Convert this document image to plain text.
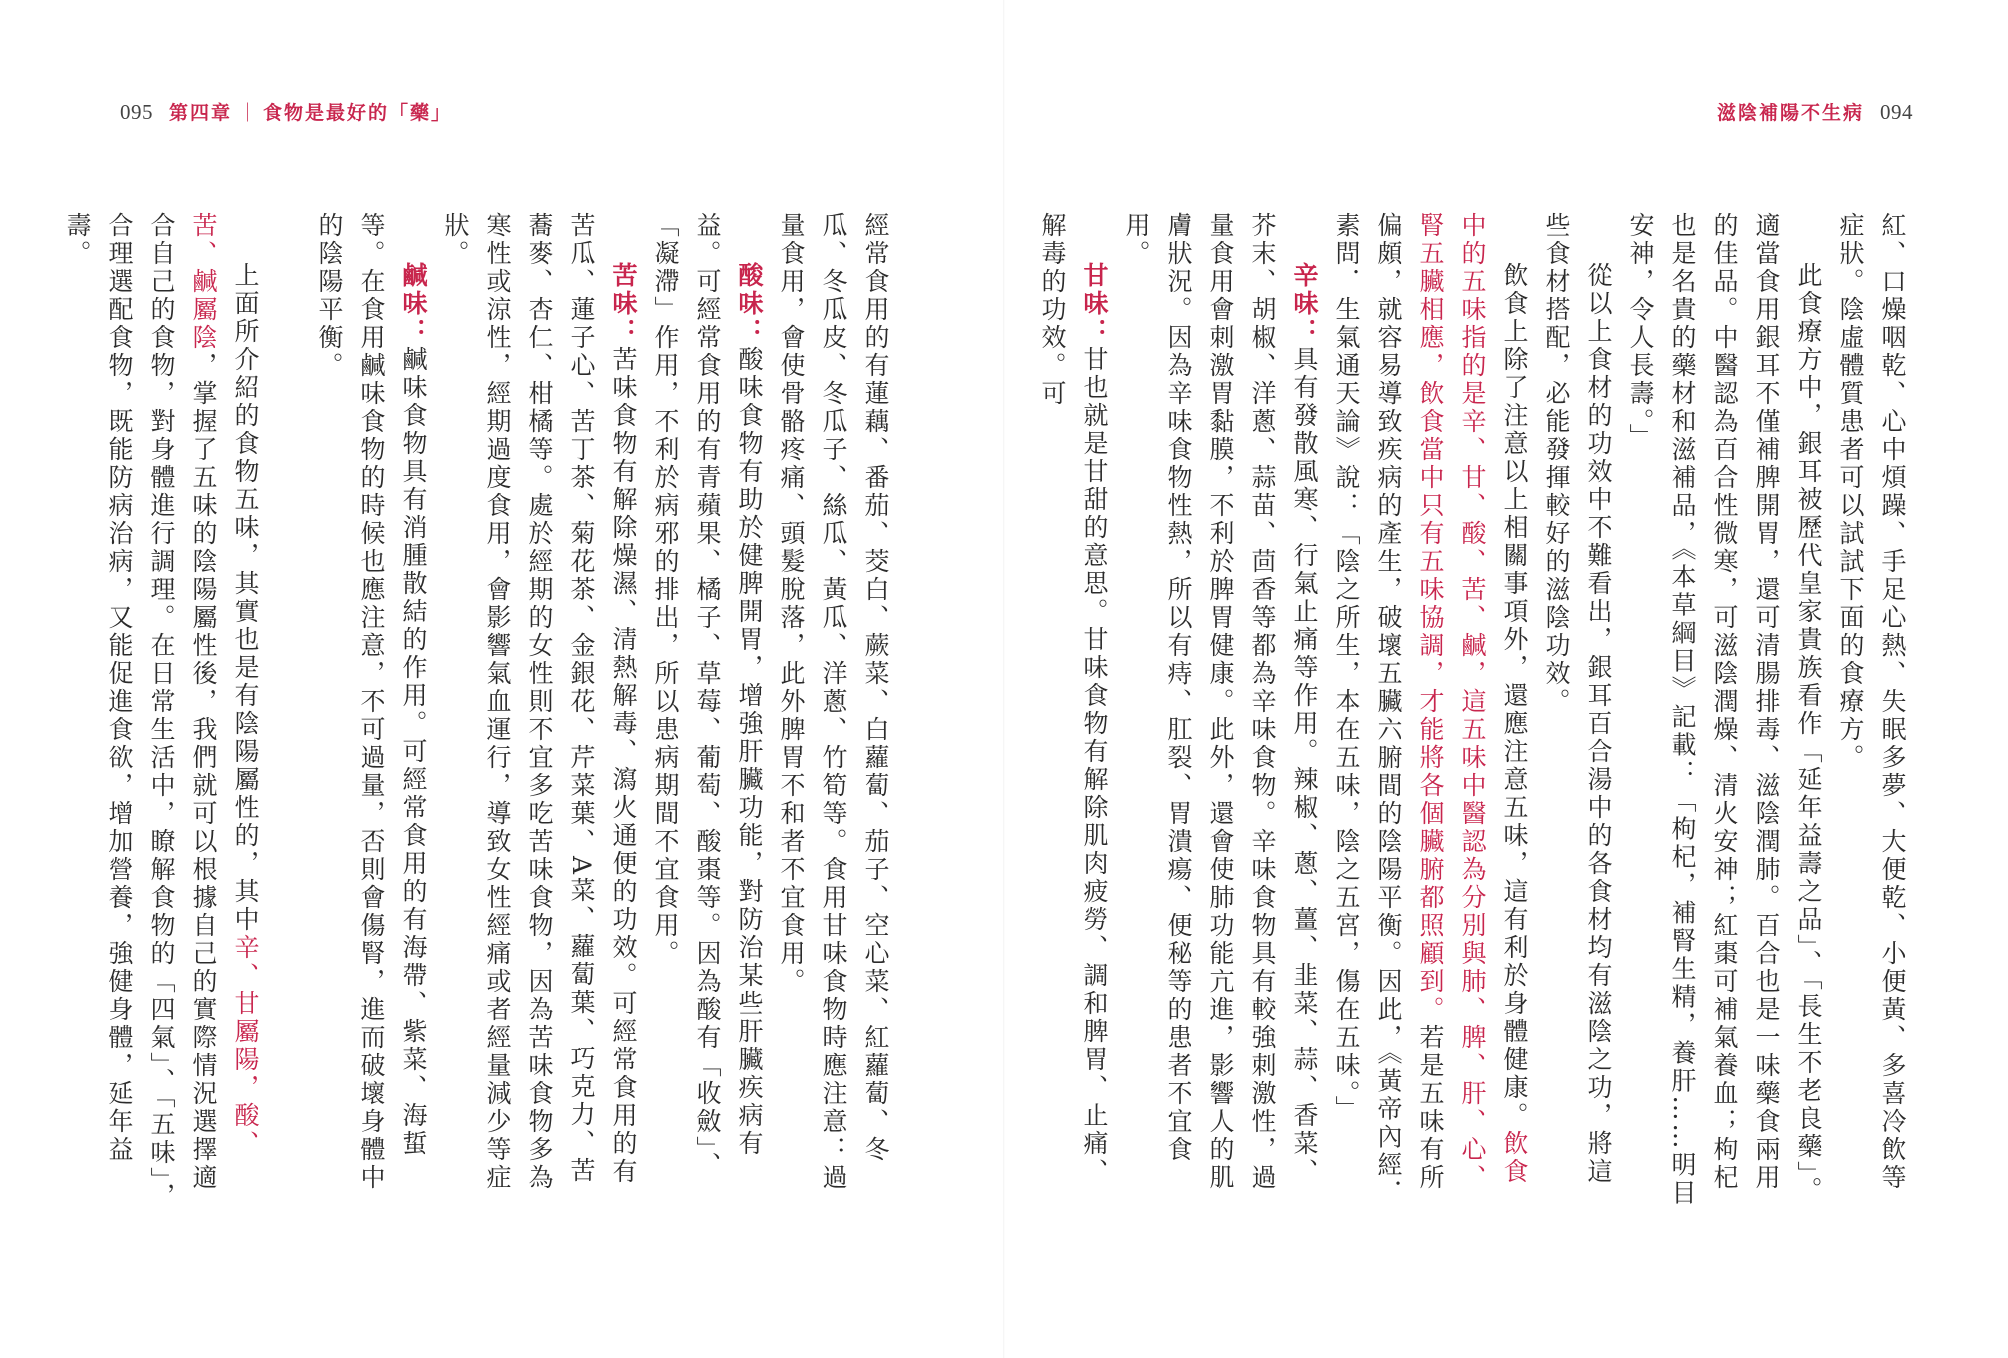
095 第四章 ｜ 食物是最好的「藥」	滋陰補陽不生病 094

紅、口燥咽乾、心中煩躁、手足心熱、失眠多夢、大便乾、小便黃、多喜冷飲等症狀。陰虛體質患者可以試試下面的食療方。

此食療方中，銀耳被歷代皇家貴族看作「延年益壽之品」、「長生不老良藥」。適當食用銀耳不僅補脾開胃，還可清腸排毒、滋陰潤肺。百合也是一味藥食兩用的佳品。中醫認為百合性微寒，可滋陰潤燥、清火安神；紅棗可補氣養血；枸杞也是名貴的藥材和滋補品，《本草綱目》記載：「枸杞，補腎生精，養肝……明目安神，令人長壽。」

從以上食材的功效中不難看出，銀耳百合湯中的各食材均有滋陰之功，將這些食材搭配，必能發揮較好的滋陰功效。

飲食上除了注意以上相關事項外，還應注意五味，這有利於身體健康。飲食中的五味指的是辛、甘、酸、苦、鹹，這五味中醫認為分別與肺、脾、肝、心、腎五臟相應，飲食當中只有五味協調，才能將各個臟腑都照顧到。若是五味有所偏頗，就容易導致疾病的產生，破壞五臟六腑間的陰陽平衡。因此，《黃帝內經．素問．生氣通天論》說：「陰之所生，本在五味，陰之五宮，傷在五味。」

辛味：具有發散風寒、行氣止痛等作用。辣椒、蔥、薑、韭菜、蒜、香菜、芥末、胡椒、洋蔥、蒜苗、茴香等都為辛味食物。辛味食物具有較強刺激性，過量食用會刺激胃黏膜，不利於脾胃健康。此外，還會使肺功能亢進，影響人的肌膚狀況。因為辛味食物性熱，所以有痔、肛裂、胃潰瘍、便秘等的患者不宜食用。

甘味：甘也就是甘甜的意思。甘味食物有解除肌肉疲勞、調和脾胃、止痛、解毒的功效。可

經常食用的有蓮藕、番茄、茭白、蕨菜、白蘿蔔、茄子、空心菜、紅蘿蔔、冬瓜、冬瓜皮、冬瓜子、絲瓜、黃瓜、洋蔥、竹筍等。食用甘味食物時應注意：過量食用，會使骨骼疼痛、頭髮脫落，此外脾胃不和者不宜食用。

酸味：酸味食物有助於健脾開胃，增強肝臟功能，對防治某些肝臟疾病有益。可經常食用的有青蘋果、橘子、草莓、葡萄、酸棗等。因為酸有「收斂」、「凝滯」作用，不利於病邪的排出，所以患病期間不宜食用。

苦味：苦味食物有解除燥濕、清熱解毒、瀉火通便的功效。可經常食用的有苦瓜、蓮子心、苦丁茶、菊花茶、金銀花、芹菜葉、A菜、蘿蔔葉、巧克力、苦蕎麥、杏仁、柑橘等。處於經期的女性則不宜多吃苦味食物，因為苦味食物多為寒性或涼性，經期過度食用，會影響氣血運行，導致女性經痛或者經量減少等症狀。

鹹味：鹹味食物具有消腫散結的作用。可經常食用的有海帶、紫菜、海蜇等。在食用鹹味食物的時候也應注意，不可過量，否則會傷腎，進而破壞身體中的陰陽平衡。

上面所介紹的食物五味，其實也是有陰陽屬性的，其中辛、甘屬陽，酸、苦、鹹屬陰，掌握了五味的陰陽屬性後，我們就可以根據自己的實際情況選擇適合自己的食物，對身體進行調理。在日常生活中，瞭解食物的「四氣」、「五味」，合理選配食物，既能防病治病，又能促進食欲，增加營養，強健身體，延年益壽。
